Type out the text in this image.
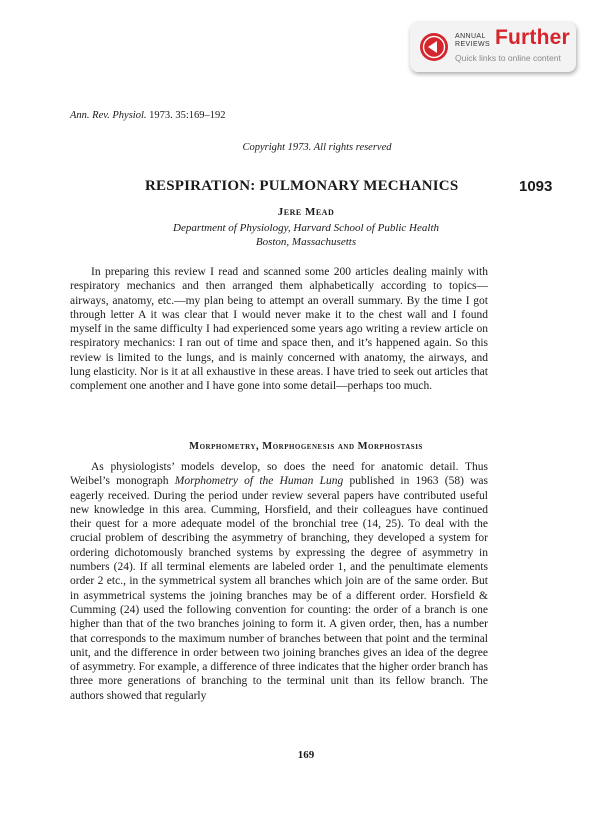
ANNUAL
REVIEWS Further
Quick links to online content
Ann. Rev. Physiol. 1973. 35:169–192
Copyright 1973. All rights reserved
RESPIRATION: PULMONARY MECHANICS	1093
Jere Mead
Department of Physiology, Harvard School of Public Health
Boston, Massachusetts

In preparing this review I read and scanned some 200 articles dealing mainly with respiratory mechanics and then arranged them alphabetically according to topics—airways, anatomy, etc.—my plan being to attempt an overall summary. By the time I got through letter A it was clear that I would never make it to the chest wall and I found myself in the same difficulty I had experienced some years ago writing a review article on respiratory mechanics: I ran out of time and space then, and it’s happened again. So this review is limited to the lungs, and is mainly concerned with anatomy, the airways, and lung elasticity. Nor is it at all exhaustive in these areas. I have tried to seek out articles that complement one another and I have gone into some detail—perhaps too much.

Morphometry, Morphogenesis and Morphostasis

As physiologists’ models develop, so does the need for anatomic detail. Thus Weibel’s monograph Morphometry of the Human Lung published in 1963 (58) was eagerly received. During the period under review several papers have contributed useful new knowledge in this area. Cumming, Horsfield, and their colleagues have continued their quest for a more adequate model of the bronchial tree (14, 25). To deal with the crucial problem of describing the asymmetry of branching, they developed a system for ordering dichotomously branched systems by expressing the degree of asymmetry in numbers (24). If all terminal elements are labeled order 1, and the penultimate elements order 2 etc., in the symmetrical system all branches which join are of the same order. But in asymmetrical systems the joining branches may be of a different order. Horsfield & Cumming (24) used the following convention for counting: the order of a branch is one higher than that of the two branches joining to form it. A given order, then, has a number that corresponds to the maximum number of branches between that point and the terminal unit, and the difference in order between two joining branches gives an idea of the degree of asymmetry. For example, a difference of three indicates that the higher order branch has three more generations of branching to the terminal unit than its fellow branch. The authors showed that regularly

169
